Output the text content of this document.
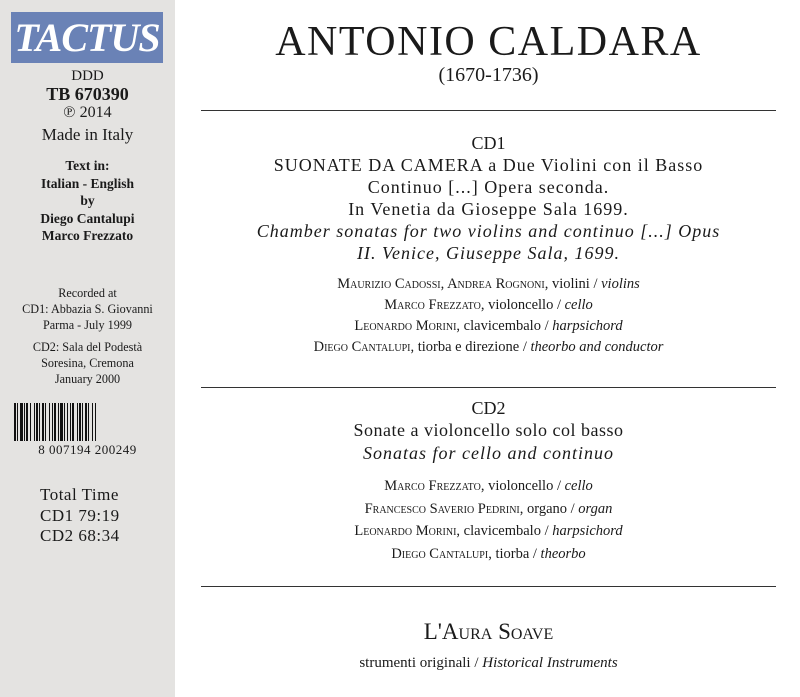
TACTUS
DDD
TB 670390
℗ 2014
Made in Italy
Text in:
Italian - English
by
Diego Cantalupi
Marco Frezzato
Recorded at
CD1: Abbazia S. Giovanni
Parma - July 1999
CD2: Sala del Podestà
Soresina, Cremona
January 2000
8 007194 200249
Total Time
CD1 79:19
CD2 68:34
ANTONIO CALDARA
(1670-1736)
CD1
SUONATE DA CAMERA a Due Violini con il Basso
Continuo [...] Opera seconda.
In Venetia da Gioseppe Sala 1699.
Chamber sonatas for two violins and continuo [...] Opus
II. Venice, Giuseppe Sala, 1699.
Maurizio Cadossi, Andrea Rognoni, violini / violins
Marco Frezzato, violoncello / cello
Leonardo Morini, clavicembalo / harpsichord
Diego Cantalupi, tiorba e direzione / theorbo and conductor
CD2
Sonate a violoncello solo col basso
Sonatas for cello and continuo
Marco Frezzato, violoncello / cello
Francesco Saverio Pedrini, organo / organ
Leonardo Morini, clavicembalo / harpsichord
Diego Cantalupi, tiorba / theorbo
L'Aura Soave
strumenti originali / Historical Instruments
